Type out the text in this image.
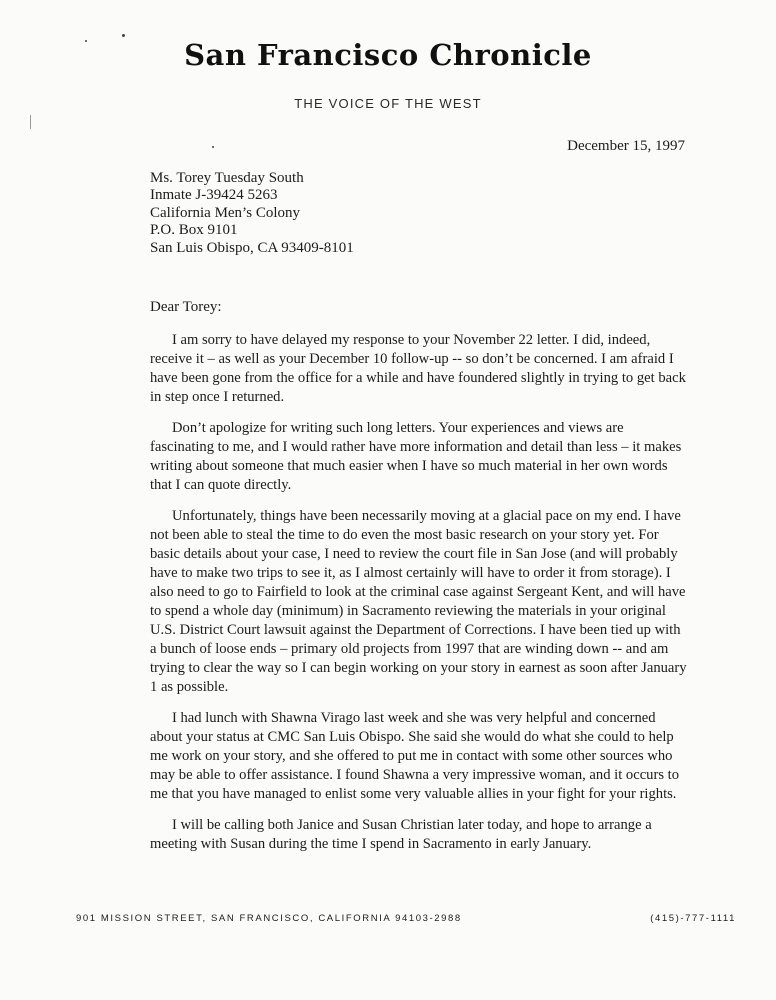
San Francisco Chronicle
THE VOICE OF THE WEST
December 15, 1997
Ms. Torey Tuesday South
Inmate J-39424 5263
California Men’s Colony
P.O. Box 9101
San Luis Obispo, CA 93409-8101
Dear Torey:

I am sorry to have delayed my response to your November 22 letter. I did, indeed, receive it – as well as your December 10 follow-up -- so don’t be concerned. I am afraid I have been gone from the office for a while and have foundered slightly in trying to get back in step once I returned.

Don’t apologize for writing such long letters. Your experiences and views are fascinating to me, and I would rather have more information and detail than less – it makes writing about someone that much easier when I have so much material in her own words that I can quote directly.

Unfortunately, things have been necessarily moving at a glacial pace on my end. I have not been able to steal the time to do even the most basic research on your story yet. For basic details about your case, I need to review the court file in San Jose (and will probably have to make two trips to see it, as I almost certainly will have to order it from storage). I also need to go to Fairfield to look at the criminal case against Sergeant Kent, and will have to spend a whole day (minimum) in Sacramento reviewing the materials in your original U.S. District Court lawsuit against the Department of Corrections. I have been tied up with a bunch of loose ends – primary old projects from 1997 that are winding down -- and am trying to clear the way so I can begin working on your story in earnest as soon after January 1 as possible.

I had lunch with Shawna Virago last week and she was very helpful and concerned about your status at CMC San Luis Obispo. She said she would do what she could to help me work on your story, and she offered to put me in contact with some other sources who may be able to offer assistance. I found Shawna a very impressive woman, and it occurs to me that you have managed to enlist some very valuable allies in your fight for your rights.

I will be calling both Janice and Susan Christian later today, and hope to arrange a meeting with Susan during the time I spend in Sacramento in early January.

901 MISSION STREET, SAN FRANCISCO, CALIFORNIA 94103-2988	(415)-777-1111
